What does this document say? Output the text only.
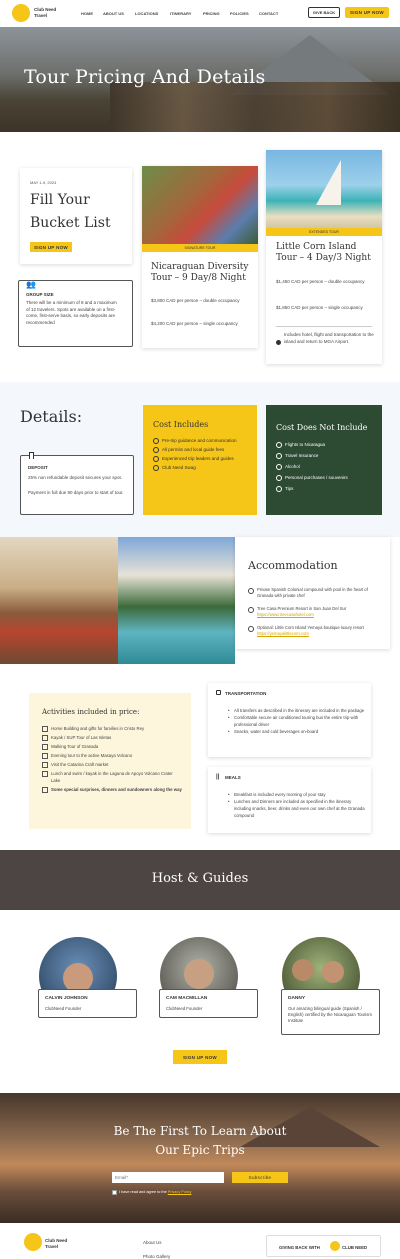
Club Need Travel	HOME	ABOUT US	LOCATIONS	ITINERARY	PRICING	POLICIES	CONTACT	GIVE BACK	SIGN UP NOW
Tour Pricing And Details
MAY 1-9, 2024
Fill Your
Bucket List
SIGN UP NOW
👥
GROUP SIZE
There will be a minimum of 8 and a maximum of 12 travelers. Spots are available on a first-come, first-serve basis, so early deposits are recommended
SIGNATURE TOUR
Nicaraguan Diversity Tour – 9 Day/8 Night
$3,800 CAD per person – double occupancy
$4,200 CAD per person – single occupancy
EXTENDED TOUR
Little Corn Island Tour – 4 Day/3 Night
$1,450 CAD per person – double occupancy
$1,850 CAD per person – single occupancy
Includes hotel, flight and transportation to the island and return to MGA Airport.
Details:
DEPOSIT
25% non refundable deposit secures your spot.
Payment in full due 90 days prior to start of tour.
Cost Includes
Pre-trip guidance and communication
All permits and local guide fees
Experienced trip leaders and guides
Club Need Swag
Cost Does Not Include
Flights to Nicaragua
Travel Insurance
Alcohol
Personal purchases / souvenirs
Tips
Accommodation
Private Spanish Colonial compound with pool in the heart of Granada with private chef
Tree Casa Premium Resort in San Juan Del Sur https://www.treecasahotel.com
Optional: Little Corn Island Yemaya boutique luxury resort https://yemayalittlecorn.com
Activities included in price:
Home Building and gifts for families in Cristo Rey
Kayak / SUP Tour of Las Isletas
Walking Tour of Granada
Evening tour to the active Masaya Volcano
Visit the Catarina Craft market
Lunch and swim / kayak in the Laguna de Apoyo Volcano Crater Lake
Some special surprises, dinners and sundowners along the way
TRANSPORTATION
• All transfers as described in the itinerary are included in the package
• Comfortable secure air conditioned touring bus the entire trip with professional driver
• Snacks, water and cold beverages on-board
|| MEALS
• Breakfast is included every morning of your stay
• Lunches and Dinners are included as specified in the itinerary including snacks, beer, drinks and even our own chef at the Granada compound
Host & Guides
CALVIN JOHNSON
ClubNeed Founder
CAM MACMILLAN
ClubNeed Founder
DANNY
Our amazing bilingual guide (Spanish / English) certified by the Nicaraguan Tourism Institute
SIGN UP NOW
Be The First To Learn About
Our Epic Trips
Email*
Subscribe
I have read and agree to the Privacy Policy
Club Need Travel
About Us
Photo Gallery
GIVING BACK WITH	CLUB NEED
